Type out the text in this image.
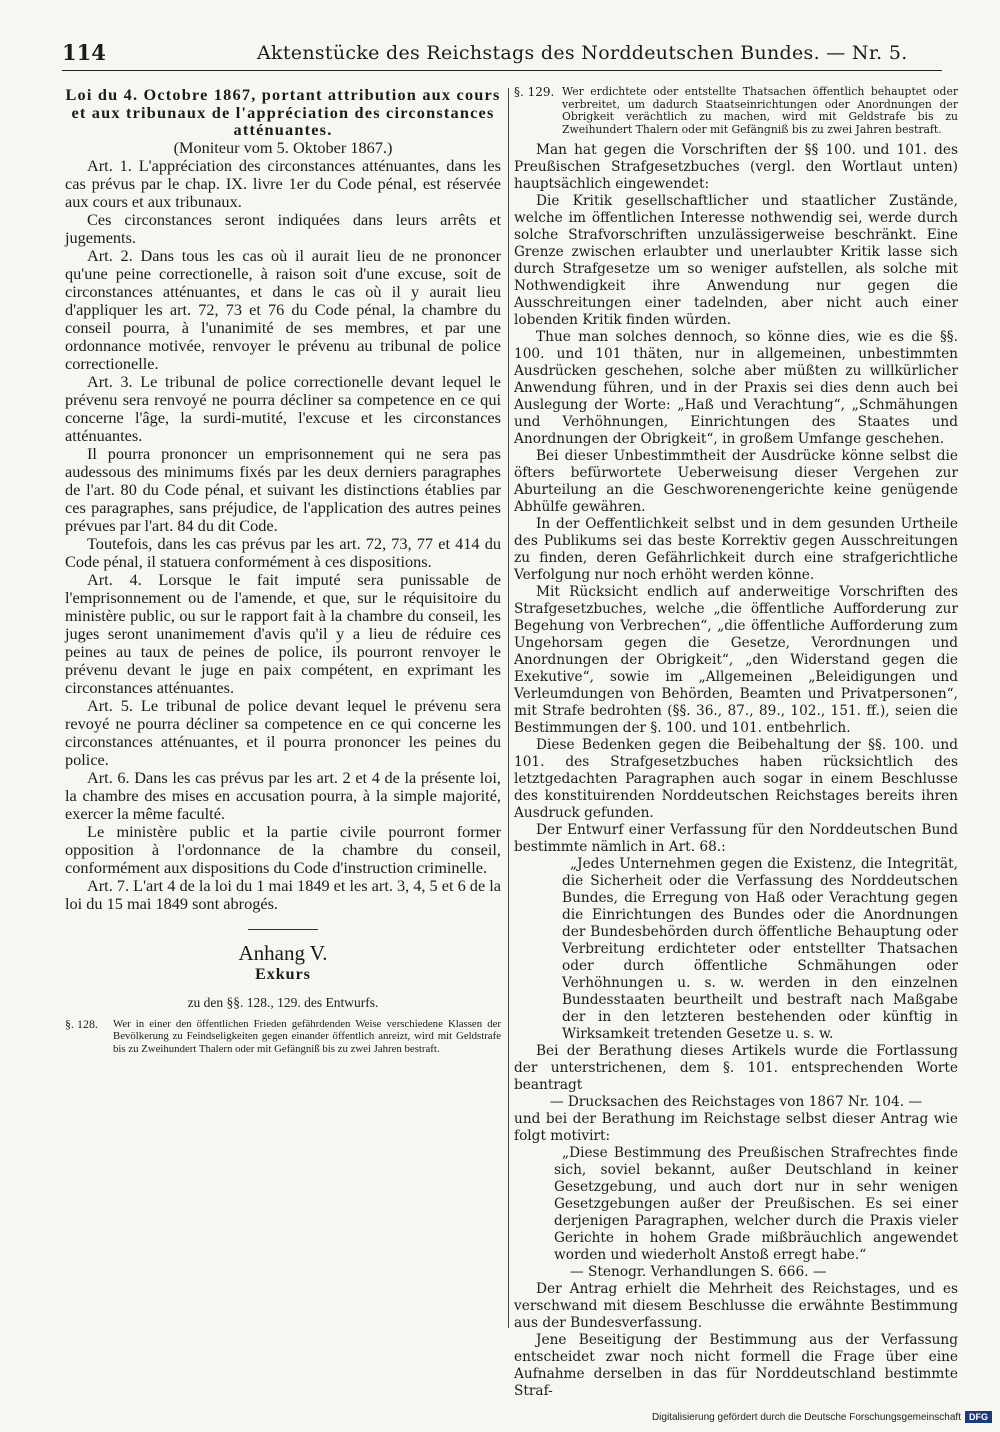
114	Aktenstücke des Reichstags des Norddeutschen Bundes. — Nr. 5.

Loi du 4. Octobre 1867, portant attribution aux cours et aux tribunaux de l'appréciation des circonstances atténuantes.

(Moniteur vom 5. Oktober 1867.)

Art. 1. L'appréciation des circonstances atténuantes, dans les cas prévus par le chap. IX. livre 1er du Code pénal, est réservée aux cours et aux tribunaux.

Ces circonstances seront indiquées dans leurs arrêts et jugements.

Art. 2. Dans tous les cas où il aurait lieu de ne prononcer qu'une peine correctionelle, à raison soit d'une excuse, soit de circonstances atténuantes, et dans le cas où il y aurait lieu d'appliquer les art. 72, 73 et 76 du Code pénal, la chambre du conseil pourra, à l'unanimité de ses membres, et par une ordonnance motivée, renvoyer le prévenu au tribunal de police correctionelle.

Art. 3. Le tribunal de police correctionelle devant lequel le prévenu sera renvoyé ne pourra décliner sa competence en ce qui concerne l'âge, la surdi-mutité, l'excuse et les circonstances atténuantes.

Il pourra prononcer un emprisonnement qui ne sera pas audessous des minimums fixés par les deux derniers paragraphes de l'art. 80 du Code pénal, et suivant les distinctions établies par ces paragraphes, sans préjudice, de l'application des autres peines prévues par l'art. 84 du dit Code.

Toutefois, dans les cas prévus par les art. 72, 73, 77 et 414 du Code pénal, il statuera conformément à ces dispositions.

Art. 4. Lorsque le fait imputé sera punissable de l'emprisonnement ou de l'amende, et que, sur le réquisitoire du ministère public, ou sur le rapport fait à la chambre du conseil, les juges seront unanimement d'avis qu'il y a lieu de réduire ces peines au taux de peines de police, ils pourront renvoyer le prévenu devant le juge en paix compétent, en exprimant les circonstances atténuantes.

Art. 5. Le tribunal de police devant lequel le prévenu sera revoyé ne pourra décliner sa competence en ce qui concerne les circonstances atténuantes, et il pourra prononcer les peines du police.

Art. 6. Dans les cas prévus par les art. 2 et 4 de la présente loi, la chambre des mises en accusation pourra, à la simple majorité, exercer la même faculté.

Le ministère public et la partie civile pourront former opposition à l'ordonnance de la chambre du conseil, conformément aux dispositions du Code d'instruction criminelle.

Art. 7. L'art 4 de la loi du 1 mai 1849 et les art. 3, 4, 5 et 6 de la loi du 15 mai 1849 sont abrogés.

Anhang V.
Exkurs
zu den §§. 128., 129. des Entwurfs.
§. 128.	Wer in einer den öffentlichen Frieden gefährdenden Weise verschiedene Klassen der Bevölkerung zu Feindseligkeiten gegen einander öffentlich anreizt, wird mit Geldstrafe bis zu Zweihundert Thalern oder mit Gefängniß bis zu zwei Jahren bestraft.
§. 129. Wer erdichtete oder entstellte Thatsachen öffentlich behauptet oder verbreitet, um dadurch Staatseinrichtungen oder Anordnungen der Obrigkeit verächtlich zu machen, wird mit Geldstrafe bis zu Zweihundert Thalern oder mit Gefängniß bis zu zwei Jahren bestraft.

Man hat gegen die Vorschriften der §§ 100. und 101. des Preußischen Strafgesetzbuches (vergl. den Wortlaut unten) hauptsächlich eingewendet:

Die Kritik gesellschaftlicher und staatlicher Zustände, welche im öffentlichen Interesse nothwendig sei, werde durch solche Strafvorschriften unzulässigerweise beschränkt. Eine Grenze zwischen erlaubter und unerlaubter Kritik lasse sich durch Strafgesetze um so weniger aufstellen, als solche mit Nothwendigkeit ihre Anwendung nur gegen die Ausschreitungen einer tadelnden, aber nicht auch einer lobenden Kritik finden würden.

Thue man solches dennoch, so könne dies, wie es die §§. 100. und 101 thäten, nur in allgemeinen, unbestimmten Ausdrücken geschehen, solche aber müßten zu willkürlicher Anwendung führen, und in der Praxis sei dies denn auch bei Auslegung der Worte: „Haß und Verachtung“, „Schmähungen und Verhöhnungen, Einrichtungen des Staates und Anordnungen der Obrigkeit“, in großem Umfange geschehen.

Bei dieser Unbestimmtheit der Ausdrücke könne selbst die öfters befürwortete Ueberweisung dieser Vergehen zur Aburteilung an die Geschworenengerichte keine genügende Abhülfe gewähren.

In der Oeffentlichkeit selbst und in dem gesunden Urtheile des Publikums sei das beste Korrektiv gegen Ausschreitungen zu finden, deren Gefährlichkeit durch eine strafgerichtliche Verfolgung nur noch erhöht werden könne.

Mit Rücksicht endlich auf anderweitige Vorschriften des Strafgesetzbuches, welche „die öffentliche Aufforderung zur Begehung von Verbrechen“, „die öffentliche Aufforderung zum Ungehorsam gegen die Gesetze, Verordnungen und Anordnungen der Obrigkeit“, „den Widerstand gegen die Exekutive“, sowie im „Allgemeinen „Beleidigungen und Verleumdungen von Behörden, Beamten und Privatpersonen“, mit Strafe bedrohten (§§. 36., 87., 89., 102., 151. ff.), seien die Bestimmungen der §. 100. und 101. entbehrlich.

Diese Bedenken gegen die Beibehaltung der §§. 100. und 101. des Strafgesetzbuches haben rücksichtlich des letztgedachten Paragraphen auch sogar in einem Beschlusse des konstituirenden Norddeutschen Reichstages bereits ihren Ausdruck gefunden.

Der Entwurf einer Verfassung für den Norddeutschen Bund bestimmte nämlich in Art. 68.:

„Jedes Unternehmen gegen die Existenz, die Integrität, die Sicherheit oder die Verfassung des Norddeutschen Bundes, die Erregung von Haß oder Verachtung gegen die Einrichtungen des Bundes oder die Anordnungen der Bundesbehörden durch öffentliche Behauptung oder Verbreitung erdichteter oder entstellter Thatsachen oder durch öffentliche Schmähungen oder Verhöhnungen u. s. w. werden in den einzelnen Bundesstaaten beurtheilt und bestraft nach Maßgabe der in den letzteren bestehenden oder künftig in Wirksamkeit tretenden Gesetze u. s. w.

Bei der Berathung dieses Artikels wurde die Fortlassung der unterstrichenen, dem §. 101. entsprechenden Worte beantragt

— Drucksachen des Reichstages von 1867 Nr. 104. —

und bei der Berathung im Reichstage selbst dieser Antrag wie folgt motivirt:

„Diese Bestimmung des Preußischen Strafrechtes finde sich, soviel bekannt, außer Deutschland in keiner Gesetzgebung, und auch dort nur in sehr wenigen Gesetzgebungen außer der Preußischen. Es sei einer derjenigen Paragraphen, welcher durch die Praxis vieler Gerichte in hohem Grade mißbräuchlich angewendet worden und wiederholt Anstoß erregt habe.“

— Stenogr. Verhandlungen S. 666. —

Der Antrag erhielt die Mehrheit des Reichstages, und es verschwand mit diesem Beschlusse die erwähnte Bestimmung aus der Bundesverfassung.

Jene Beseitigung der Bestimmung aus der Verfassung entscheidet zwar noch nicht formell die Frage über eine Aufnahme derselben in das für Norddeutschland bestimmte Straf-

Digitalisierung gefördert durch die Deutsche Forschungsgemeinschaft DFG
